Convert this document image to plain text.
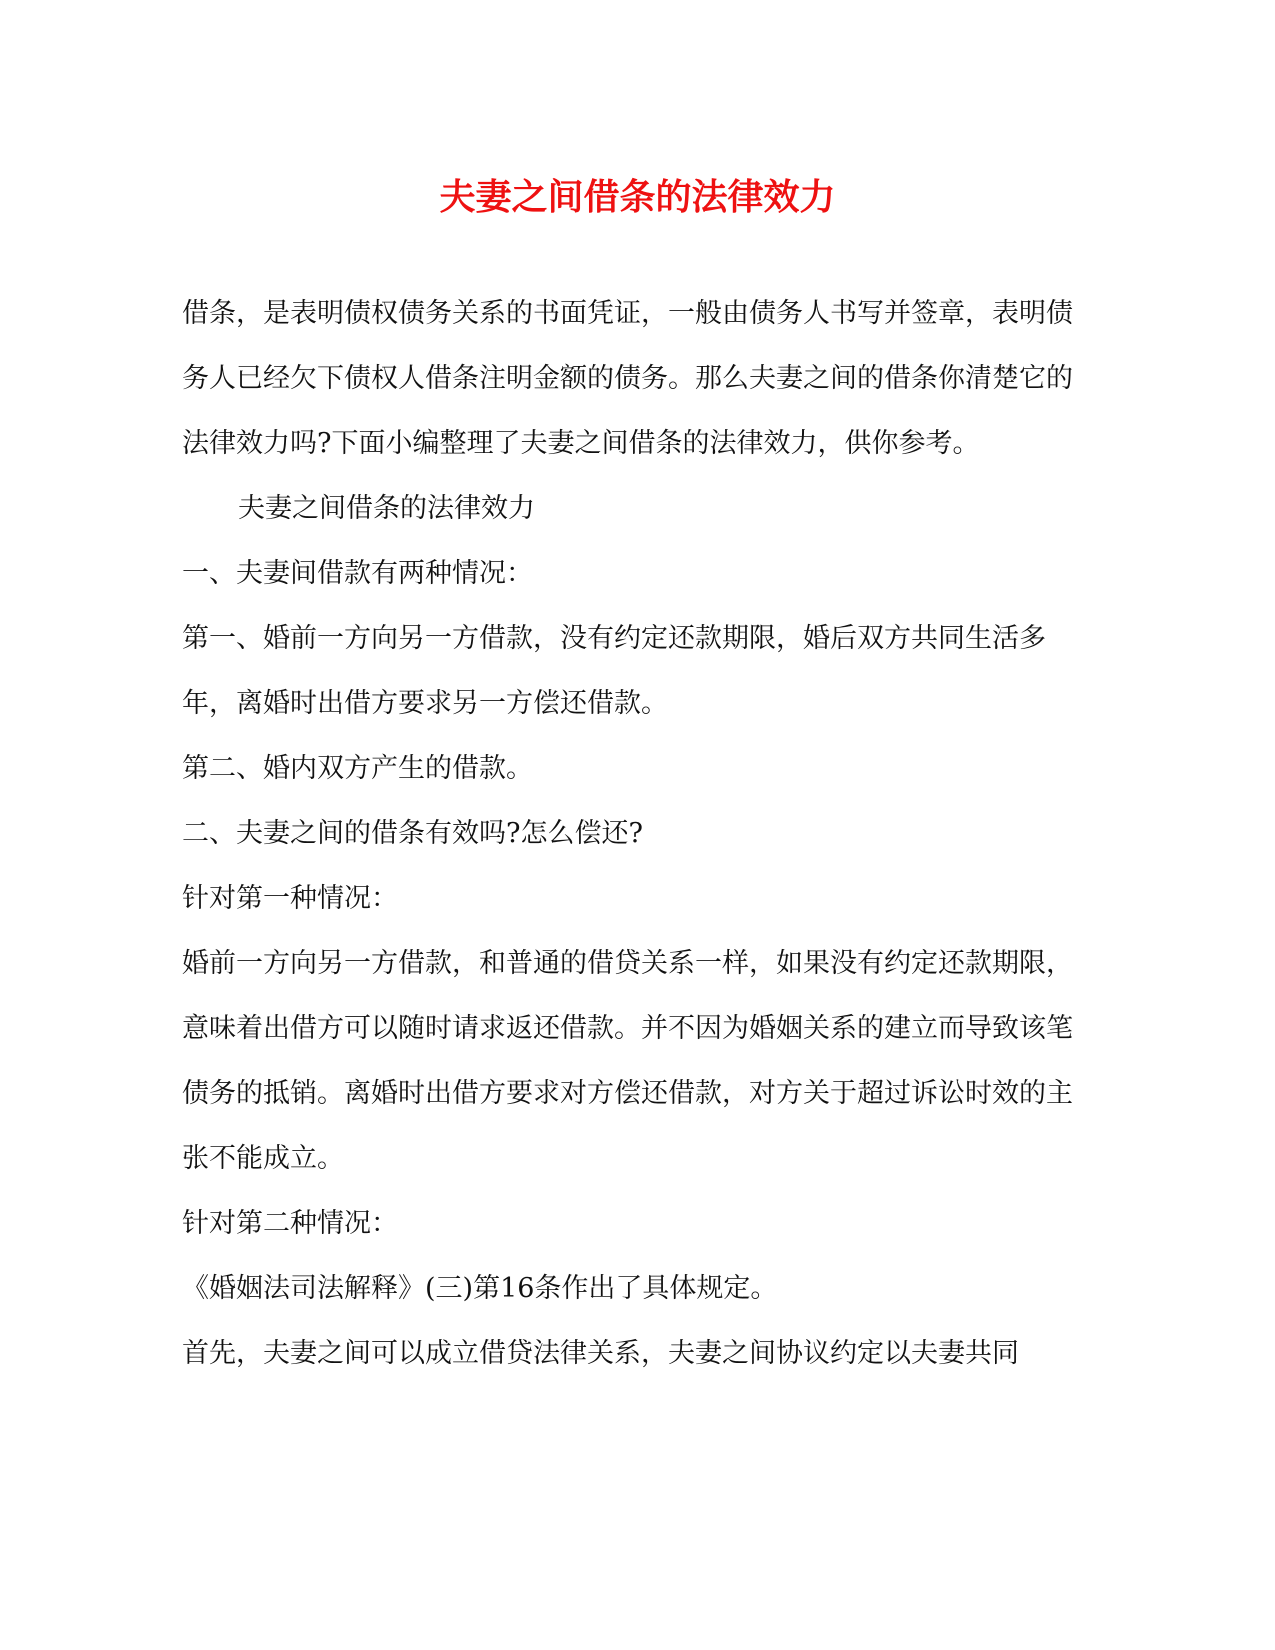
夫妻之间借条的法律效力

借条，是表明债权债务关系的书面凭证，一般由债务人书写并签章，表明债务人已经欠下债权人借条注明金额的债务。那么夫妻之间的借条你清楚它的法律效力吗?下面小编整理了夫妻之间借条的法律效力，供你参考。

夫妻之间借条的法律效力

一、夫妻间借款有两种情况：

第一、婚前一方向另一方借款，没有约定还款期限，婚后双方共同生活多年，离婚时出借方要求另一方偿还借款。

第二、婚内双方产生的借款。

二、夫妻之间的借条有效吗?怎么偿还?

针对第一种情况：

婚前一方向另一方借款，和普通的借贷关系一样，如果没有约定还款期限，意味着出借方可以随时请求返还借款。并不因为婚姻关系的建立而导致该笔债务的抵销。离婚时出借方要求对方偿还借款，对方关于超过诉讼时效的主张不能成立。

针对第二种情况：

《婚姻法司法解释》(三)第16条作出了具体规定。

首先，夫妻之间可以成立借贷法律关系，夫妻之间协议约定以夫妻共同
